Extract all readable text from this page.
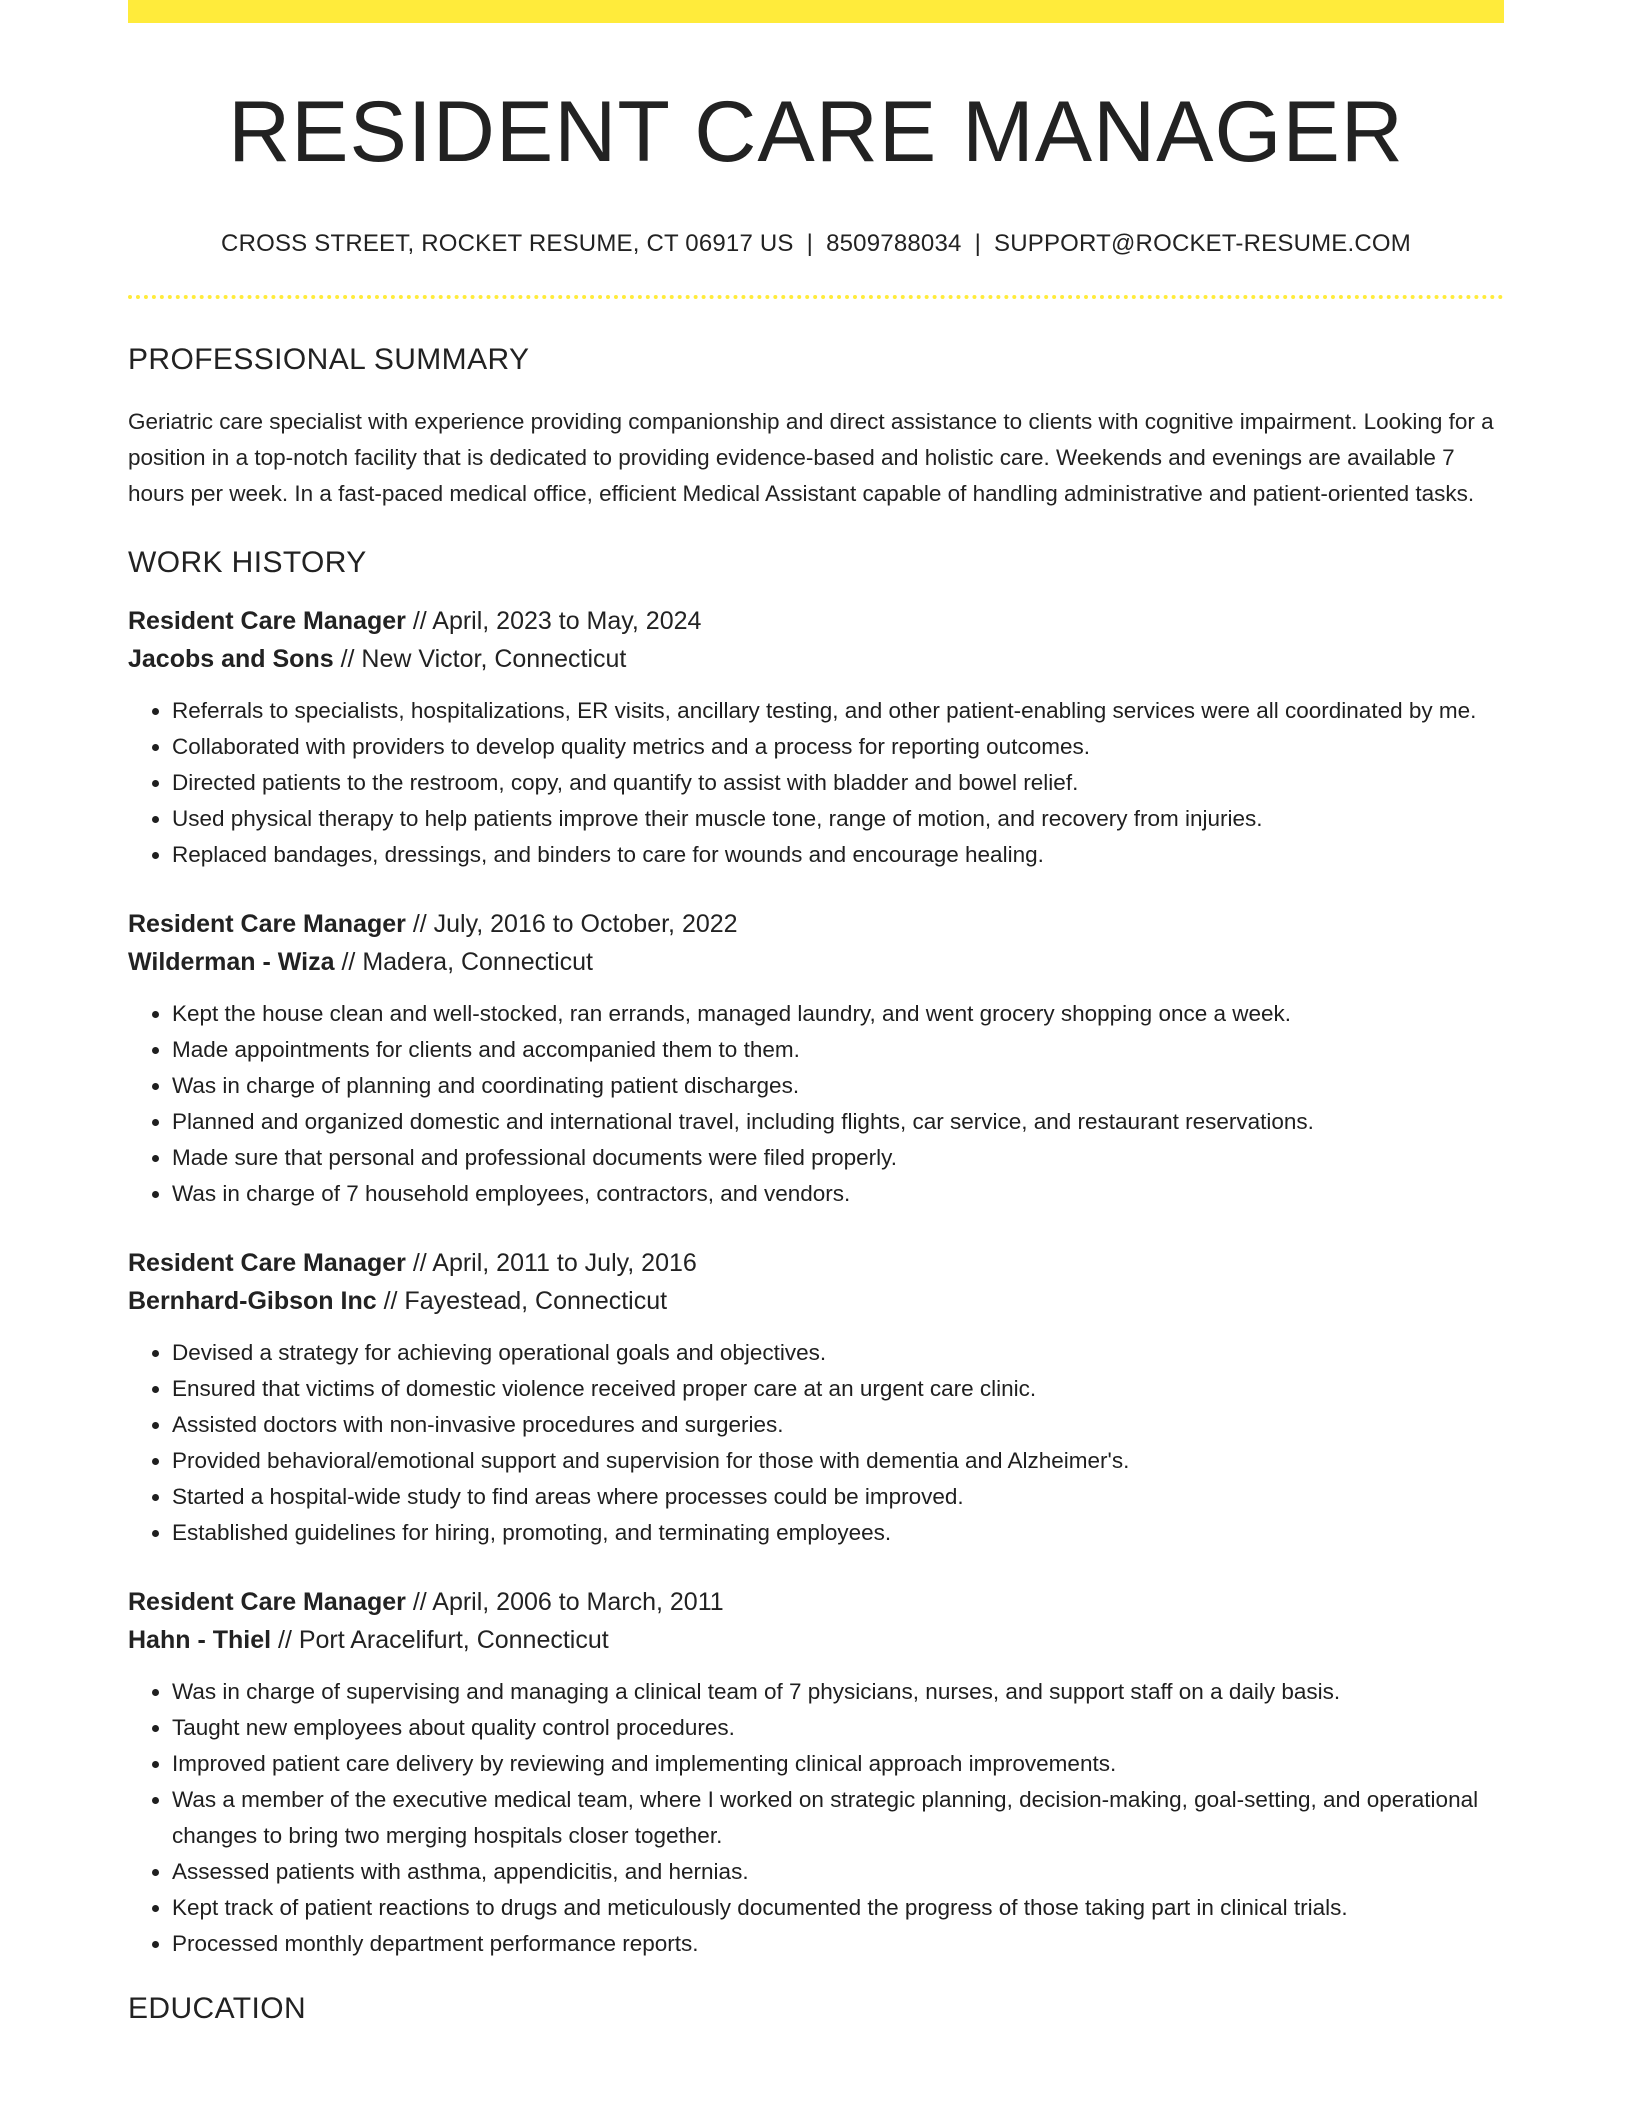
RESIDENT CARE MANAGER
CROSS STREET, ROCKET RESUME, CT 06917 US | 8509788034 | SUPPORT@ROCKET-RESUME.COM
PROFESSIONAL SUMMARY

Geriatric care specialist with experience providing companionship and direct assistance to clients with cognitive impairment. Looking for a position in a top-notch facility that is dedicated to providing evidence-based and holistic care. Weekends and evenings are available 7 hours per week. In a fast-paced medical office, efficient Medical Assistant capable of handling administrative and patient-oriented tasks.

WORK HISTORY
Resident Care Manager // April, 2023 to May, 2024
Jacobs and Sons // New Victor, Connecticut
• Referrals to specialists, hospitalizations, ER visits, ancillary testing, and other patient-enabling services were all coordinated by me.
• Collaborated with providers to develop quality metrics and a process for reporting outcomes.
• Directed patients to the restroom, copy, and quantify to assist with bladder and bowel relief.
• Used physical therapy to help patients improve their muscle tone, range of motion, and recovery from injuries.
• Replaced bandages, dressings, and binders to care for wounds and encourage healing.
Resident Care Manager // July, 2016 to October, 2022
Wilderman - Wiza // Madera, Connecticut
• Kept the house clean and well-stocked, ran errands, managed laundry, and went grocery shopping once a week.
• Made appointments for clients and accompanied them to them.
• Was in charge of planning and coordinating patient discharges.
• Planned and organized domestic and international travel, including flights, car service, and restaurant reservations.
• Made sure that personal and professional documents were filed properly.
• Was in charge of 7 household employees, contractors, and vendors.
Resident Care Manager // April, 2011 to July, 2016
Bernhard-Gibson Inc // Fayestead, Connecticut
• Devised a strategy for achieving operational goals and objectives.
• Ensured that victims of domestic violence received proper care at an urgent care clinic.
• Assisted doctors with non-invasive procedures and surgeries.
• Provided behavioral/emotional support and supervision for those with dementia and Alzheimer's.
• Started a hospital-wide study to find areas where processes could be improved.
• Established guidelines for hiring, promoting, and terminating employees.
Resident Care Manager // April, 2006 to March, 2011
Hahn - Thiel // Port Aracelifurt, Connecticut
• Was in charge of supervising and managing a clinical team of 7 physicians, nurses, and support staff on a daily basis.
• Taught new employees about quality control procedures.
• Improved patient care delivery by reviewing and implementing clinical approach improvements.
• Was a member of the executive medical team, where I worked on strategic planning, decision-making, goal-setting, and operational changes to bring two merging hospitals closer together.
• Assessed patients with asthma, appendicitis, and hernias.
• Kept track of patient reactions to drugs and meticulously documented the progress of those taking part in clinical trials.
• Processed monthly department performance reports.
EDUCATION
